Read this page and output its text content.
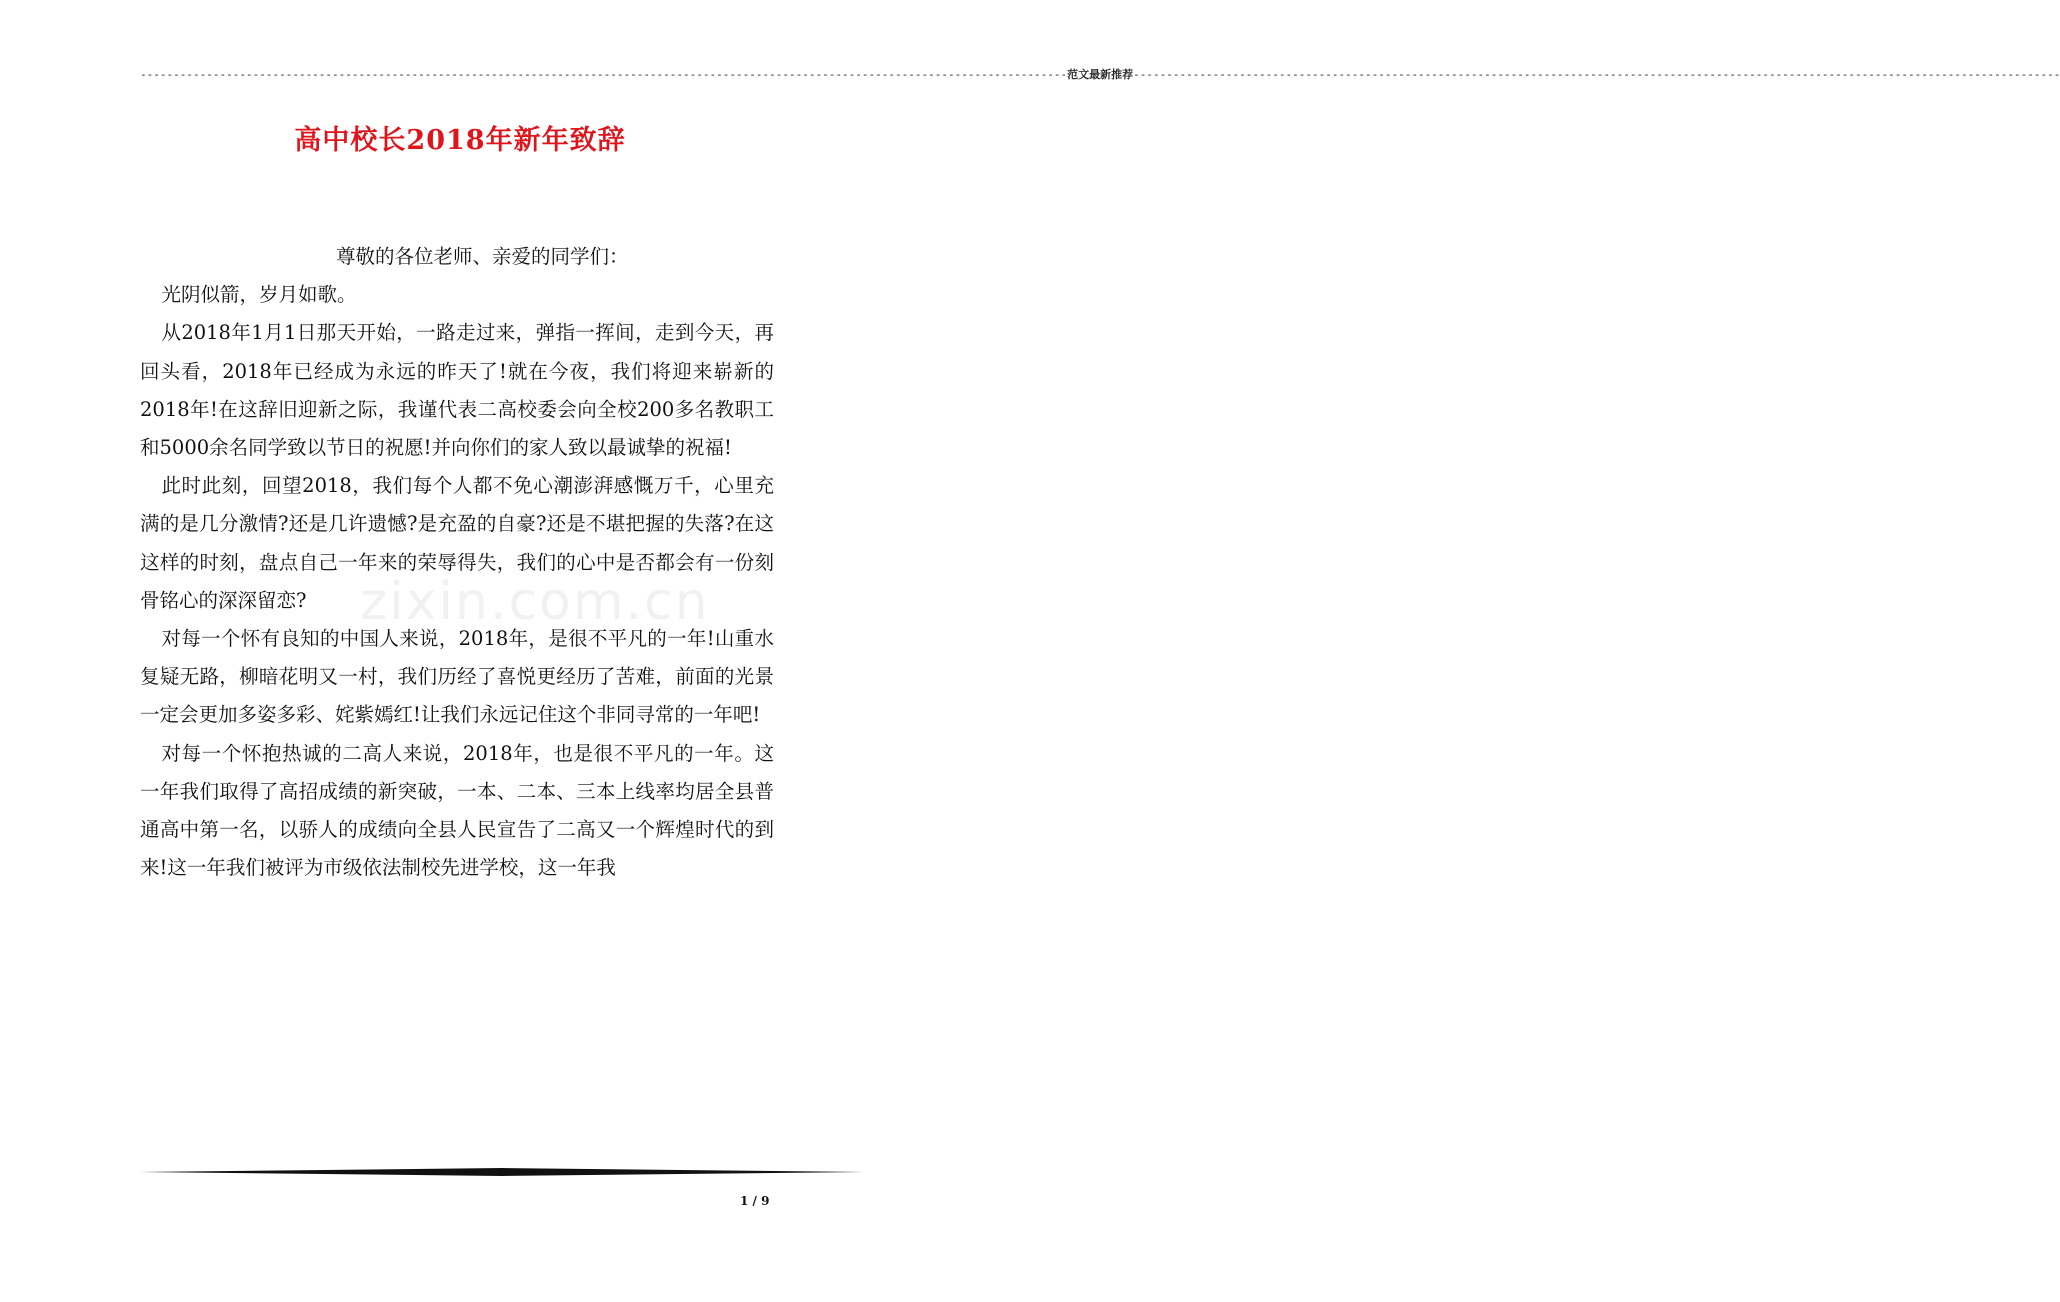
-------------------------------------------------------------------------------------------------------------------------------------------- 范文最新推荐 --------------------------------------------------------------------------------------------------------------------------------------------
高中校长2018年新年致辞
zixin.com.cn

尊敬的各位老师、亲爱的同学们：

光阴似箭，岁月如歌。

从2018年1月1日那天开始，一路走过来，弹指一挥间，走到今天，再回头看，2018年已经成为永远的昨天了!就在今夜，我们将迎来崭新的2018年!在这辞旧迎新之际，我谨代表二高校委会向全校200多名教职工和5000余名同学致以节日的祝愿!并向你们的家人致以最诚挚的祝福!

此时此刻，回望2018，我们每个人都不免心潮澎湃感慨万千，心里充满的是几分激情?还是几许遗憾?是充盈的自豪?还是不堪把握的失落?在这这样的时刻，盘点自己一年来的荣辱得失，我们的心中是否都会有一份刻骨铭心的深深留恋?

对每一个怀有良知的中国人来说，2018年，是很不平凡的一年!山重水复疑无路，柳暗花明又一村，我们历经了喜悦更经历了苦难，前面的光景一定会更加多姿多彩、姹紫嫣红!让我们永远记住这个非同寻常的一年吧!

对每一个怀抱热诚的二高人来说，2018年，也是很不平凡的一年。这一年我们取得了高招成绩的新突破，一本、二本、三本上线率均居全县普通高中第一名，以骄人的成绩向全县人民宣告了二高又一个辉煌时代的到来!这一年我们被评为市级依法制校先进学校，这一年我

1 / 9
